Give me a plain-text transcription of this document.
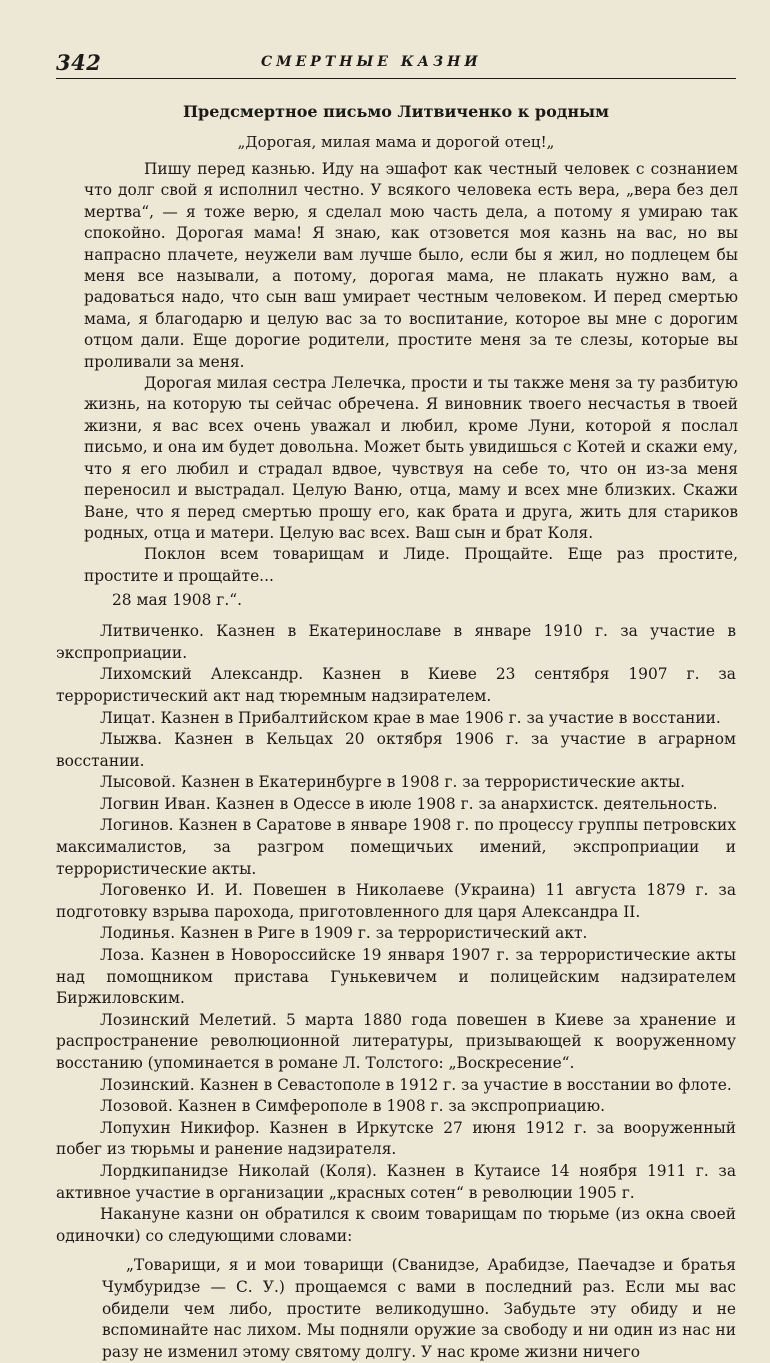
342	СМЕРТНЫЕ КАЗНИ
Предсмертное письмо Литвиченко к родным
„Дорогая, милая мама и дорогой отец!„

Пишу перед казнью. Иду на эшафот как честный человек с сознанием что долг свой я исполнил честно. У всякого человека есть вера, „вера без дел мертва“, — я тоже верю, я сделал мою часть дела, а потому я умираю так спокойно. Дорогая мама! Я знаю, как отзовется моя казнь на вас, но вы напрасно плачете, неужели вам лучше было, если бы я жил, но подлецем бы меня все называли, а потому, дорогая мама, не плакать нужно вам, а радоваться надо, что сын ваш умирает честным человеком. И перед смертью мама, я благодарю и целую вас за то воспитание, которое вы мне с дорогим отцом дали. Еще дорогие родители, простите меня за те слезы, которые вы проливали за меня.

Дорогая милая сестра Лелечка, прости и ты также меня за ту разбитую жизнь, на которую ты сейчас обречена. Я виновник твоего несчастья в твоей жизни, я вас всех очень уважал и любил, кроме Луни, которой я послал письмо, и она им будет довольна. Может быть увидишься с Котей и скажи ему, что я его любил и страдал вдвое, чувствуя на себе то, что он из-за меня переносил и выстрадал. Целую Ваню, отца, маму и всех мне близких. Скажи Ване, что я перед смертью прошу его, как брата и друга, жить для стариков родных, отца и матери. Целую вас всех. Ваш сын и брат Коля.

Поклон всем товарищам и Лиде. Прощайте. Еще раз простите, простите и прощайте...

28 мая 1908 г.“.

Литвиченко. Казнен в Екатеринославе в январе 1910 г. за участие в экспроприации.

Лихомский Александр. Казнен в Киеве 23 сентября 1907 г. за террористический акт над тюремным надзирателем.

Лицат. Казнен в Прибалтийском крае в мае 1906 г. за участие в восстании.

Лыжва. Казнен в Кельцах 20 октября 1906 г. за участие в аграрном восстании.

Лысовой. Казнен в Екатеринбурге в 1908 г. за террористические акты.

Логвин Иван. Казнен в Одессе в июле 1908 г. за анархистск. деятельность.

Логинов. Казнен в Саратове в январе 1908 г. по процессу группы петровских максималистов, за разгром помещичьих имений, экспроприации и террористические акты.

Логовенко И. И. Повешен в Николаеве (Украина) 11 августа 1879 г. за подготовку взрыва парохода, приготовленного для царя Александра II.

Лодинья. Казнен в Риге в 1909 г. за террористический акт.

Лоза. Казнен в Новороссийске 19 января 1907 г. за террористические акты над помощником пристава Гунькевичем и полицейским надзирателем Биржиловским.

Лозинский Мелетий. 5 марта 1880 года повешен в Киеве за хранение и распространение революционной литературы, призывающей к вооруженному восстанию (упоминается в романе Л. Толстого: „Воскресение“.

Лозинский. Казнен в Севастополе в 1912 г. за участие в восстании во флоте.

Лозовой. Казнен в Симферополе в 1908 г. за экспроприацию.

Лопухин Никифор. Казнен в Иркутске 27 июня 1912 г. за вооруженный побег из тюрьмы и ранение надзирателя.

Лордкипанидзе Николай (Коля). Казнен в Кутаисе 14 ноября 1911 г. за активное участие в организации „красных сотен“ в революции 1905 г.

Накануне казни он обратился к своим товарищам по тюрьме (из окна своей одиночки) со следующими словами:

„Товарищи, я и мои товарищи (Сванидзе, Арабидзе, Паечадзе и братья Чумбуридзе — С. У.) прощаемся с вами в последний раз. Если мы вас обидели чем либо, простите великодушно. Забудьте эту обиду и не вспоминайте нас лихом. Мы подняли оружие за свободу и ни один из нас ни разу не изменил этому святому долгу. У нас кроме жизни ничего
